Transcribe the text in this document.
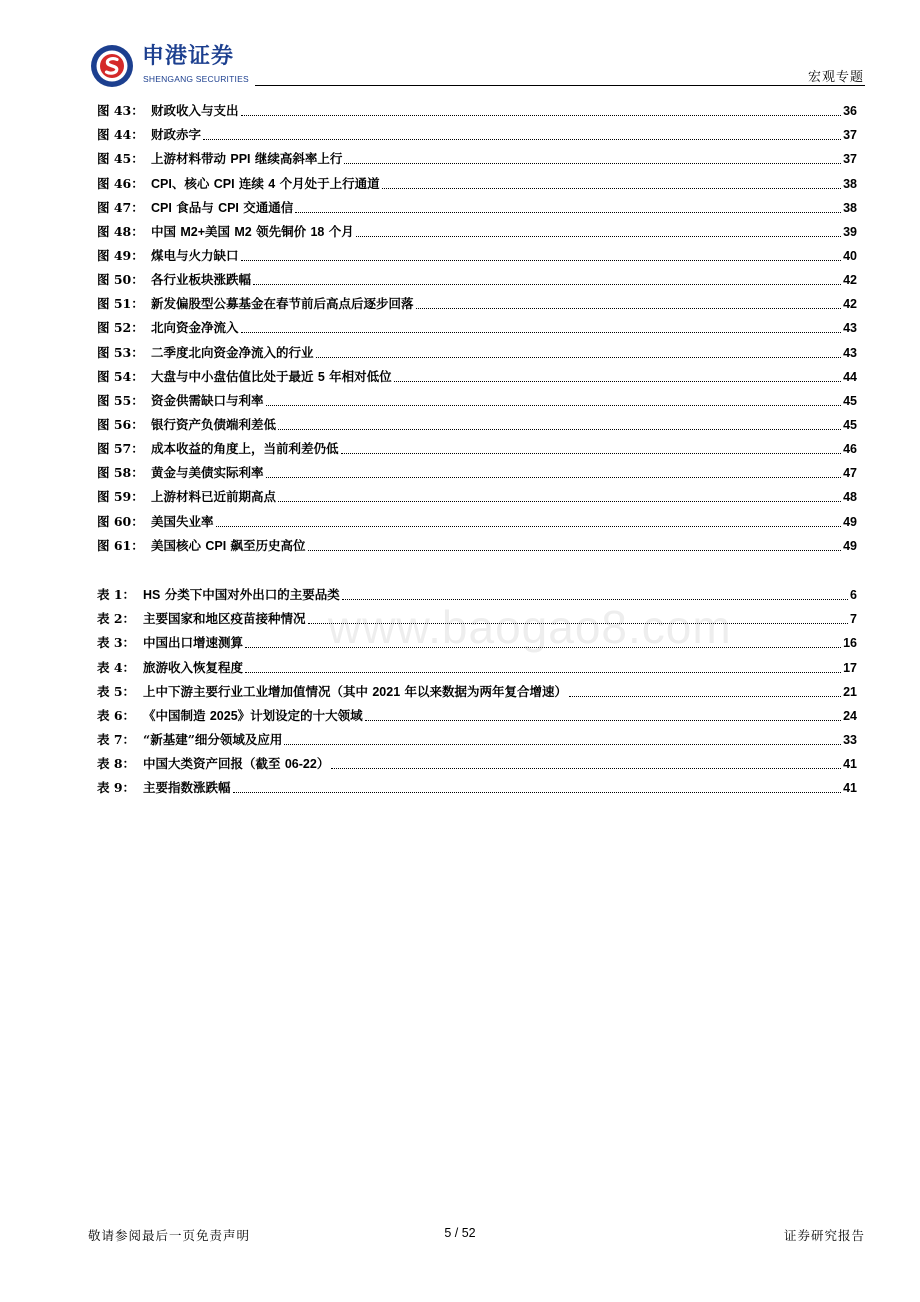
申港证券
SHENGANG SECURITIES	宏观专题
图 43： 财政收入与支出	36
图 44： 财政赤字	37
图 45： 上游材料带动 PPI 继续高斜率上行	37
图 46： CPI、核心 CPI 连续 4 个月处于上行通道	38
图 47： CPI 食品与 CPI 交通通信	38
图 48： 中国 M2+美国 M2 领先铜价 18 个月	39
图 49： 煤电与火力缺口	40
图 50： 各行业板块涨跌幅	42
图 51： 新发偏股型公募基金在春节前后高点后逐步回落	42
图 52： 北向资金净流入	43
图 53： 二季度北向资金净流入的行业	43
图 54： 大盘与中小盘估值比处于最近 5 年相对低位	44
图 55： 资金供需缺口与利率	45
图 56： 银行资产负债端利差低	45
图 57： 成本收益的角度上，当前利差仍低	46
图 58： 黄金与美债实际利率	47
图 59： 上游材料已近前期高点	48
图 60： 美国失业率	49
图 61： 美国核心 CPI 飙至历史高位	49
表 1： HS 分类下中国对外出口的主要品类	6
表 2： 主要国家和地区疫苗接种情况	7
表 3： 中国出口增速测算	16
表 4： 旅游收入恢复程度	17
表 5： 上中下游主要行业工业增加值情况（其中 2021 年以来数据为两年复合增速）	21
表 6： 《中国制造 2025》计划设定的十大领域	24
表 7： “新基建”细分领域及应用	33
表 8： 中国大类资产回报（截至 06-22）	41
表 9： 主要指数涨跌幅	41
www.baogao8.com
敬请参阅最后一页免责声明	5 / 52	证券研究报告
